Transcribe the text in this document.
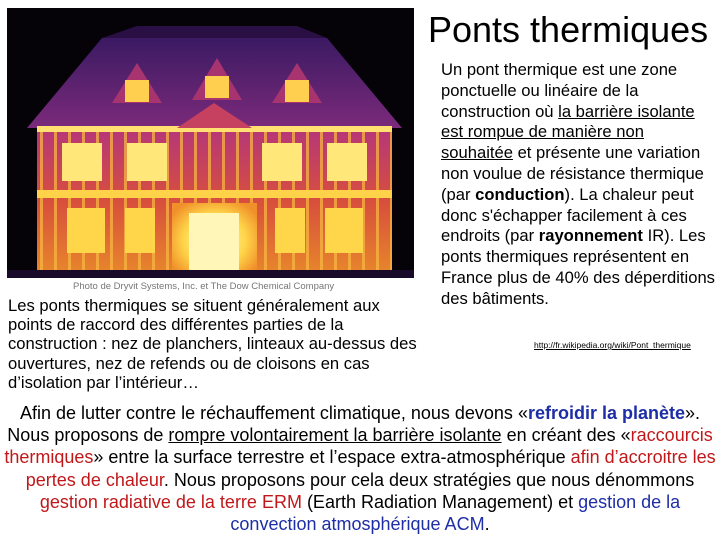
Photo de Dryvit Systems, Inc. et The Dow Chemical Company
Ponts thermiques
Un pont thermique est une zone ponctuelle ou linéaire de la construction où la barrière isolante est rompue de manière non souhaitée et présente une variation non voulue de résistance thermique (par conduction). La chaleur peut donc s'échapper facilement à ces endroits (par rayonnement IR). Les ponts thermiques représentent en France plus de 40% des déperditions des bâtiments.
http://fr.wikipedia.org/wiki/Pont_thermique
Les ponts thermiques se situent généralement aux points de raccord des différentes parties de la construction : nez de planchers, linteaux au-dessus des ouvertures, nez de refends ou de cloisons en cas d’isolation par l’intérieur…
Afin de lutter contre le réchauffement climatique, nous devons «refroidir la planète». Nous proposons de rompre volontairement la barrière isolante en créant des «raccourcis thermiques» entre la surface terrestre et l’espace extra-atmosphérique afin d’accroitre les pertes de chaleur. Nous proposons pour cela deux stratégies que nous dénommons gestion radiative de la terre ERM (Earth Radiation Management) et gestion de la convection atmosphérique ACM.
